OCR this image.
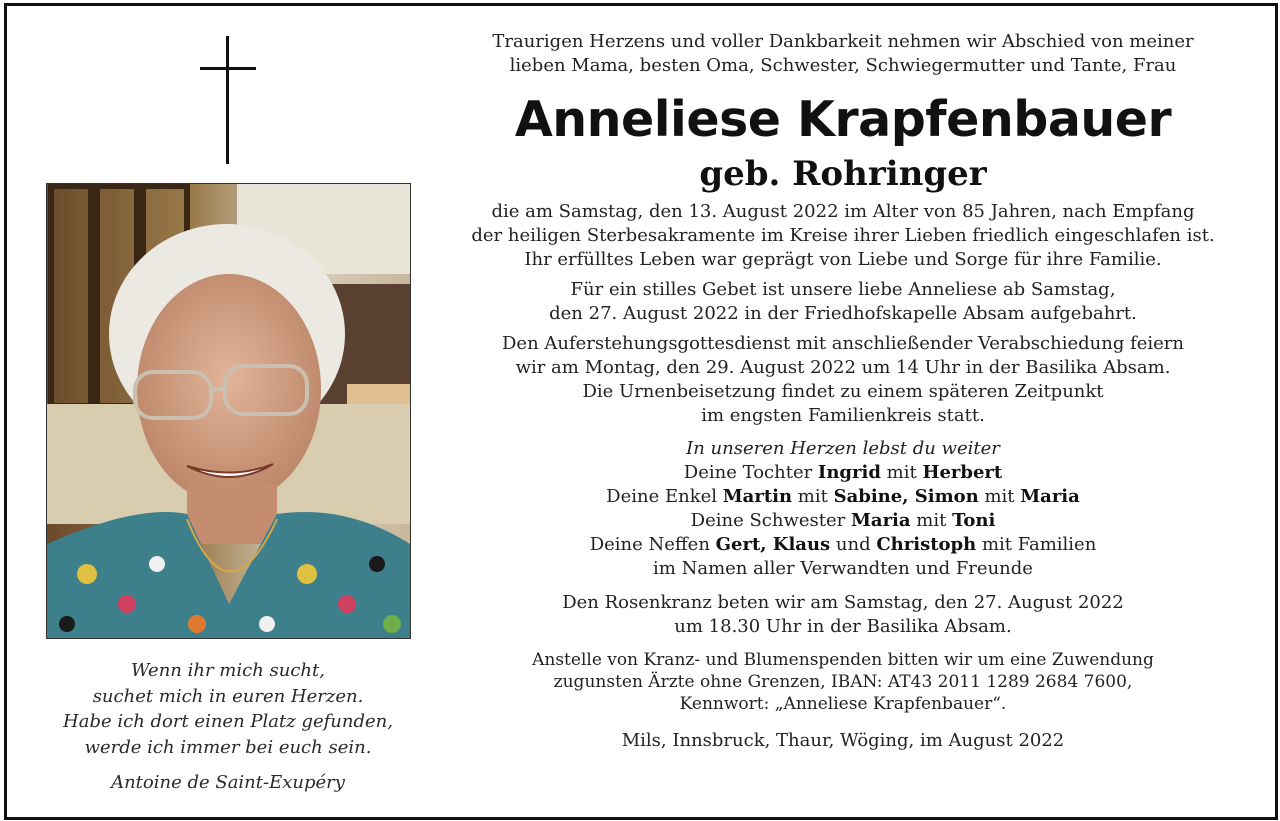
Wenn ihr mich sucht,
suchet mich in euren Herzen.
Habe ich dort einen Platz gefunden,
werde ich immer bei euch sein.
Antoine de Saint-Exupéry
Traurigen Herzens und voller Dankbarkeit nehmen wir Abschied von meiner
lieben Mama, besten Oma, Schwester, Schwiegermutter und Tante, Frau
Anneliese Krapfenbauer
geb. Rohringer
die am Samstag, den 13. August 2022 im Alter von 85 Jahren, nach Empfang
der heiligen Sterbesakramente im Kreise ihrer Lieben friedlich eingeschlafen ist.
Ihr erfülltes Leben war geprägt von Liebe und Sorge für ihre Familie.
Für ein stilles Gebet ist unsere liebe Anneliese ab Samstag,
den 27. August 2022 in der Friedhofskapelle Absam aufgebahrt.
Den Auferstehungsgottesdienst mit anschließender Verabschiedung feiern
wir am Montag, den 29. August 2022 um 14 Uhr in der Basilika Absam.
Die Urnenbeisetzung findet zu einem späteren Zeitpunkt
im engsten Familienkreis statt.
In unseren Herzen lebst du weiter
Deine Tochter Ingrid mit Herbert
Deine Enkel Martin mit Sabine, Simon mit Maria
Deine Schwester Maria mit Toni
Deine Neffen Gert, Klaus und Christoph mit Familien
im Namen aller Verwandten und Freunde
Den Rosenkranz beten wir am Samstag, den 27. August 2022
um 18.30 Uhr in der Basilika Absam.
Anstelle von Kranz- und Blumenspenden bitten wir um eine Zuwendung
zugunsten Ärzte ohne Grenzen, IBAN: AT43 2011 1289 2684 7600,
Kennwort: „Anneliese Krapfenbauer“.
Mils, Innsbruck, Thaur, Wöging, im August 2022
